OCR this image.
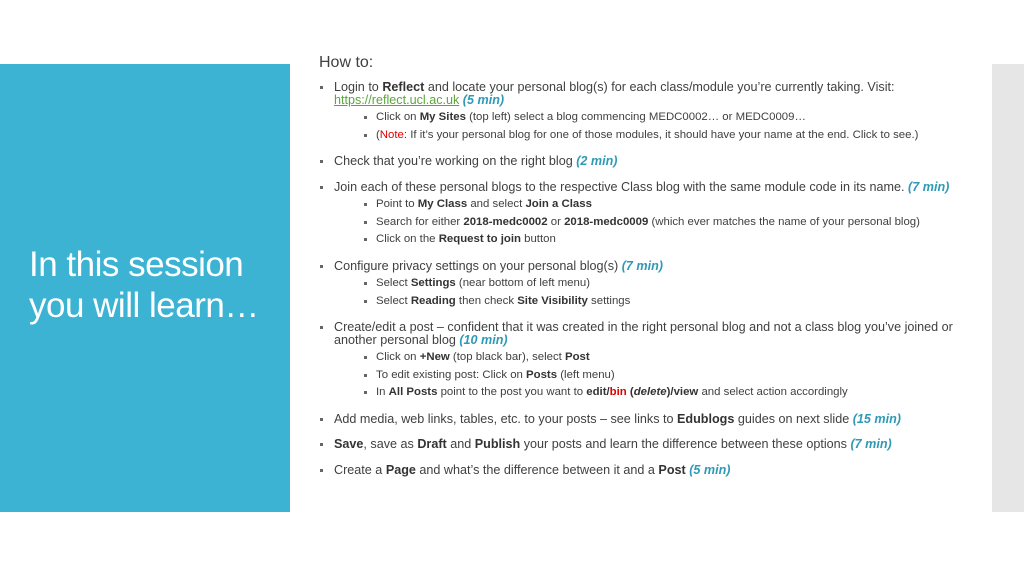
In this session you will learn…
How to:
Login to Reflect and locate your personal blog(s) for each class/module you’re currently taking. Visit:
https://reflect.ucl.ac.uk (5 min)
Click on My Sites (top left) select a blog commencing MEDC0002… or MEDC0009…
(Note: If it’s your personal blog for one of those modules, it should have your name at the end. Click to see.)
Check that you’re working on the right blog (2 min)
Join each of these personal blogs to the respective Class blog with the same module code in its name. (7 min)
Point to My Class and select Join a Class
Search for either 2018-medc0002 or 2018-medc0009 (which ever matches the name of your personal blog)
Click on the Request to join button
Configure privacy settings on your personal blog(s) (7 min)
Select Settings (near bottom of left menu)
Select Reading then check Site Visibility settings
Create/edit a post – confident that it was created in the right personal blog and not a class blog you’ve joined or another personal blog (10 min)
Click on +New (top black bar), select Post
To edit existing post: Click on Posts (left menu)
In All Posts point to the post you want to edit/bin (delete)/view and select action accordingly
Add media, web links, tables, etc. to your posts – see links to Edublogs guides on next slide (15 min)
Save, save as Draft and Publish your posts and learn the difference between these options (7 min)
Create a Page and what’s the difference between it and a Post (5 min)
